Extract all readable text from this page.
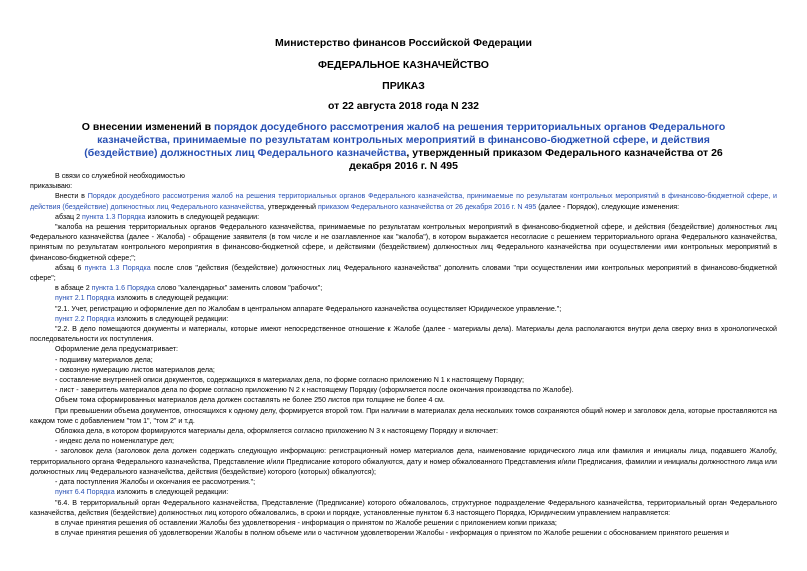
Министерство финансов Российской Федерации
ФЕДЕРАЛЬНОЕ КАЗНАЧЕЙСТВО
ПРИКАЗ
от 22 августа 2018 года N 232
О внесении изменений в порядок досудебного рассмотрения жалоб на решения территориальных органов Федерального казначейства, принимаемые по результатам контрольных мероприятий в финансово-бюджетной сфере, и действия (бездействие) должностных лиц Федерального казначейства, утвержденный приказом Федерального казначейства от 26 декабря 2016 г. N 495

В связи со служебной необходимостью

приказываю:

Внести в Порядок досудебного рассмотрения жалоб на решения территориальных органов Федерального казначейства, принимаемые по результатам контрольных мероприятий в финансово-бюджетной сфере, и действия (бездействие) должностных лиц Федерального казначейства, утвержденный приказом Федерального казначейства от 26 декабря 2016 г. N 495 (далее - Порядок), следующие изменения:

абзац 2 пункта 1.3 Порядка изложить в следующей редакции:

"жалоба на решения территориальных органов Федерального казначейства, принимаемые по результатам контрольных мероприятий в финансово-бюджетной сфере, и действия (бездействие) должностных лиц Федерального казначейства (далее - Жалоба) - обращение заявителя (в том числе и не озаглавленное как "жалоба"), в котором выражается несогласие с решением территориального органа Федерального казначейства, принятым по результатам контрольного мероприятия в финансово-бюджетной сфере, и действиями (бездействием) должностных лиц Федерального казначейства при осуществлении ими контрольных мероприятий в финансово-бюджетной сфере;";

абзац 6 пункта 1.3 Порядка после слов "действия (бездействие) должностных лиц Федерального казначейства" дополнить словами "при осуществлении ими контрольных мероприятий в финансово-бюджетной сфере";

в абзаце 2 пункта 1.6 Порядка слово "календарных" заменить словом "рабочих";

пункт 2.1 Порядка изложить в следующей редакции:

"2.1. Учет, регистрацию и оформление дел по Жалобам в центральном аппарате Федерального казначейства осуществляет Юридическое управление.";

пункт 2.2 Порядка изложить в следующей редакции:

"2.2. В дело помещаются документы и материалы, которые имеют непосредственное отношение к Жалобе (далее - материалы дела). Материалы дела располагаются внутри дела сверху вниз в хронологической последовательности их поступления.

Оформление дела предусматривает:

- подшивку материалов дела;

- сквозную нумерацию листов материалов дела;

- составление внутренней описи документов, содержащихся в материалах дела, по форме согласно приложению N 1 к настоящему Порядку;

- лист - заверитель материалов дела по форме согласно приложению N 2 к настоящему Порядку (оформляется после окончания производства по Жалобе).

Объем тома сформированных материалов дела должен составлять не более 250 листов при толщине не более 4 см.

При превышении объема документов, относящихся к одному делу, формируется второй том. При наличии в материалах дела нескольких томов сохраняются общий номер и заголовок дела, которые проставляются на каждом томе с добавлением "том 1", "том 2" и т.д.

Обложка дела, в котором формируются материалы дела, оформляется согласно приложению N 3 к настоящему Порядку и включает:

- индекс дела по номенклатуре дел;

- заголовок дела (заголовок дела должен содержать следующую информацию: регистрационный номер материалов дела, наименование юридического лица или фамилия и инициалы лица, подавшего Жалобу, территориального органа Федерального казначейства, Представление и/или Предписание которого обжалуются, дату и номер обжалованного Представления и/или Предписания, фамилии и инициалы должностного лица или должностных лиц Федерального казначейства, действия (бездействие) которого (которых) обжалуются);

- дата поступления Жалобы и окончания ее рассмотрения.";

пункт 6.4 Порядка изложить в следующей редакции:

"6.4. В территориальный орган Федерального казначейства, Представление (Предписание) которого обжаловалось, структурное подразделение Федерального казначейства, территориальный орган Федерального казначейства, действия (бездействие) должностных лиц которого обжаловались, в сроки и порядке, установленные пунктом 6.3 настоящего Порядка, Юридическим управлением направляется:

в случае принятия решения об оставлении Жалобы без удовлетворения - информация о принятом по Жалобе решении с приложением копии приказа;

в случае принятия решения об удовлетворении Жалобы в полном объеме или о частичном удовлетворении Жалобы - информация о принятом по Жалобе решении с обоснованием принятого решения и
